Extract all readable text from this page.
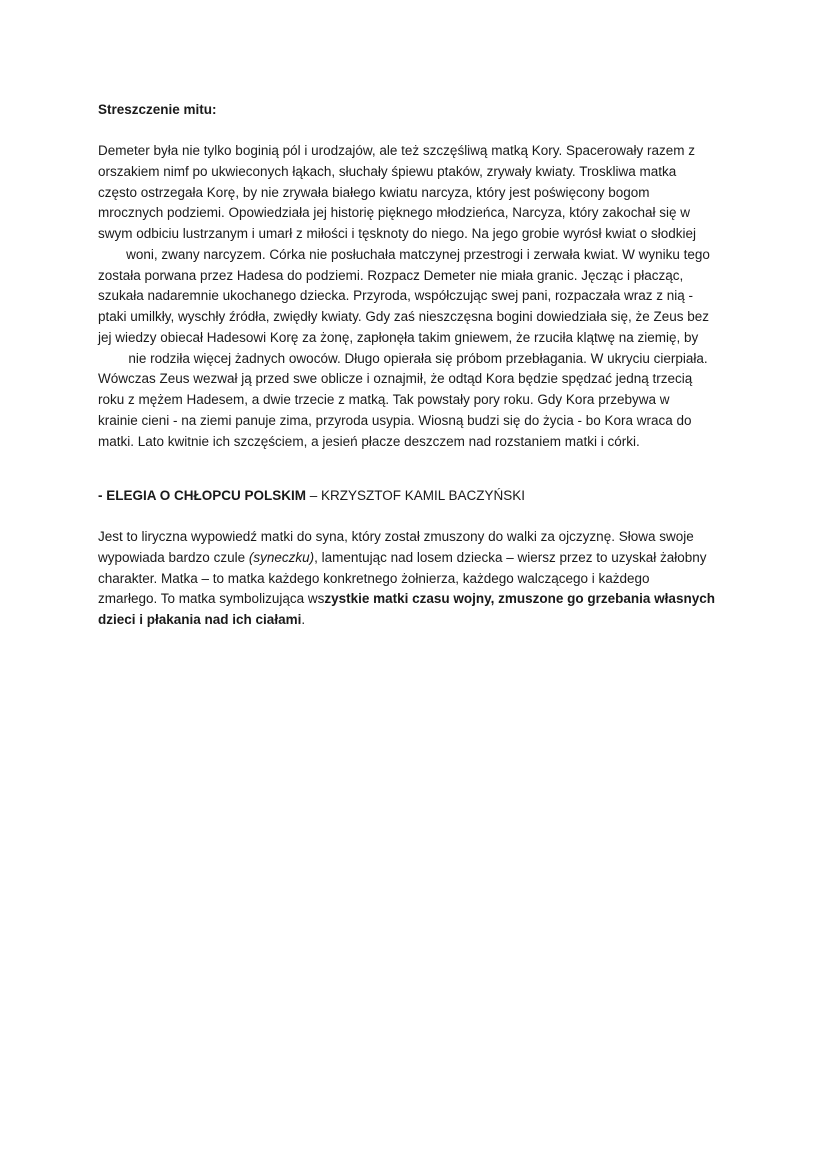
Streszczenie mitu:
Demeter była nie tylko boginią pól i urodzajów, ale też szczęśliwą matką Kory. Spacerowały razem z
orszakiem nimf po ukwieconych łąkach, słuchały śpiewu ptaków, zrywały kwiaty. Troskliwa matka
często ostrzegała Korę, by nie zrywała białego kwiatu narcyza, który jest poświęcony bogom
mrocznych podziemi. Opowiedziała jej historię pięknego młodzieńca, Narcyza, który zakochał się w
swym odbiciu lustrzanym i umarł z miłości i tęsknoty do niego. Na jego grobie wyrósł kwiat o słodkiej
woni, zwany narcyzem. Córka nie posłuchała matczynej przestrogi i zerwała kwiat. W wyniku tego
została porwana przez Hadesa do podziemi. Rozpacz Demeter nie miała granic. Jęcząc i płacząc,
szukała nadaremnie ukochanego dziecka. Przyroda, współczując swej pani, rozpaczała wraz z nią -
ptaki umilkły, wyschły źródła, zwiędły kwiaty. Gdy zaś nieszczęsna bogini dowiedziała się, że Zeus bez
jej wiedzy obiecał Hadesowi Korę za żonę, zapłonęła takim gniewem, że rzuciła klątwę na ziemię, by
nie rodziła więcej żadnych owoców. Długo opierała się próbom przebłagania. W ukryciu cierpiała.
Wówczas Zeus wezwał ją przed swe oblicze i oznajmił, że odtąd Kora będzie spędzać jedną trzecią
roku z mężem Hadesem, a dwie trzecie z matką. Tak powstały pory roku. Gdy Kora przebywa w
krainie cieni - na ziemi panuje zima, przyroda usypia. Wiosną budzi się do życia - bo Kora wraca do
matki. Lato kwitnie ich szczęściem, a jesień płacze deszczem nad rozstaniem matki i córki.
- ELEGIA O CHŁOPCU POLSKIM – KRZYSZTOF KAMIL BACZYŃSKI
Jest to liryczna wypowiedź matki do syna, który został zmuszony do walki za ojczyznę. Słowa swoje
wypowiada bardzo czule (syneczku), lamentując nad losem dziecka – wiersz przez to uzyskał żałobny
charakter. Matka – to matka każdego konkretnego żołnierza, każdego walczącego i każdego
zmarłego. To matka symbolizująca wszystkie matki czasu wojny, zmuszone go grzebania własnych
dzieci i płakania nad ich ciałami.
